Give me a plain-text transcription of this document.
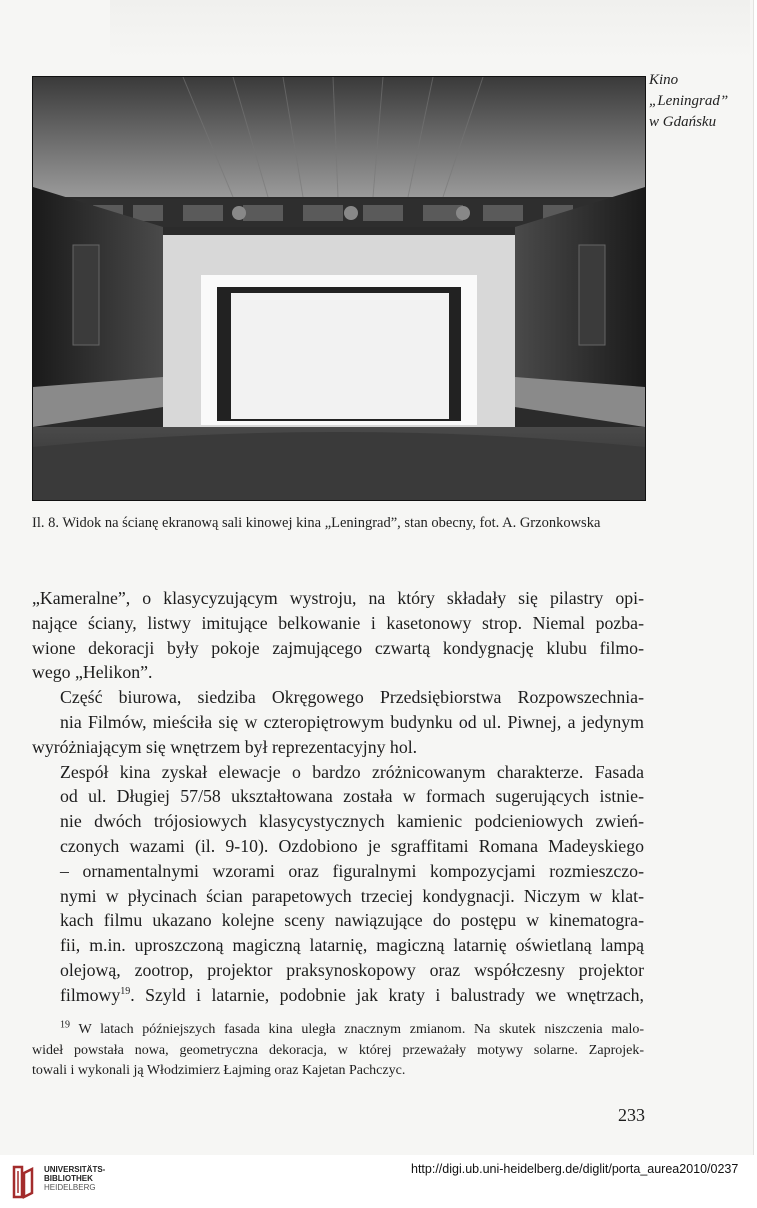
Kino
„Leningrad”
w Gdańsku
Il. 8. Widok na ścianę ekranową sali kinowej kina „Leningrad”, stan obecny, fot. A. Grzonkowska

„Kameralne”, o klasycyzującym wystroju, na który składały się pilastry opi-
nające ściany, listwy imitujące belkowanie i kasetonowy strop. Niemal pozba-
wione dekoracji były pokoje zajmującego czwartą kondygnację klubu filmo-

wego „Helikon”.

Część biurowa, siedziba Okręgowego Przedsiębiorstwa Rozpowszechnia-
nia Filmów, mieściła się w czteropiętrowym budynku od ul. Piwnej, a jedynym

wyróżniającym się wnętrzem był reprezentacyjny hol.

Zespół kina zyskał elewacje o bardzo zróżnicowanym charakterze. Fasada
od ul. Długiej 57/58 ukształtowana została w formach sugerujących istnie-
nie dwóch trójosiowych klasycystycznych kamienic podcieniowych zwień-
czonych wazami (il. 9-10). Ozdobiono je sgraffitami Romana Madeyskiego
– ornamentalnymi wzorami oraz figuralnymi kompozycjami rozmieszczo-
nymi w płycinach ścian parapetowych trzeciej kondygnacji. Niczym w klat-
kach filmu ukazano kolejne sceny nawiązujące do postępu w kinematogra-
fii, m.in. uproszczoną magiczną latarnię, magiczną latarnię oświetlaną lampą
olejową, zootrop, projektor praksynoskopowy oraz współczesny projektor
filmowy$^{19}$. Szyld i latarnie, podobnie jak kraty i balustrady we wnętrzach,

$^{19}$ W latach późniejszych fasada kina uległa znacznym zmianom. Na skutek niszczenia malo-
wideł powstała nowa, geometryczna dekoracja, w której przeważały motywy solarne. Zaprojek-
towali i wykonali ją Włodzimierz Łajming oraz Kajetan Pachczyc.
233
UNIVERSITÄTS-
BIBLIOTHEK
HEIDELBERG
http://digi.ub.uni-heidelberg.de/diglit/porta_aurea2010/0237
